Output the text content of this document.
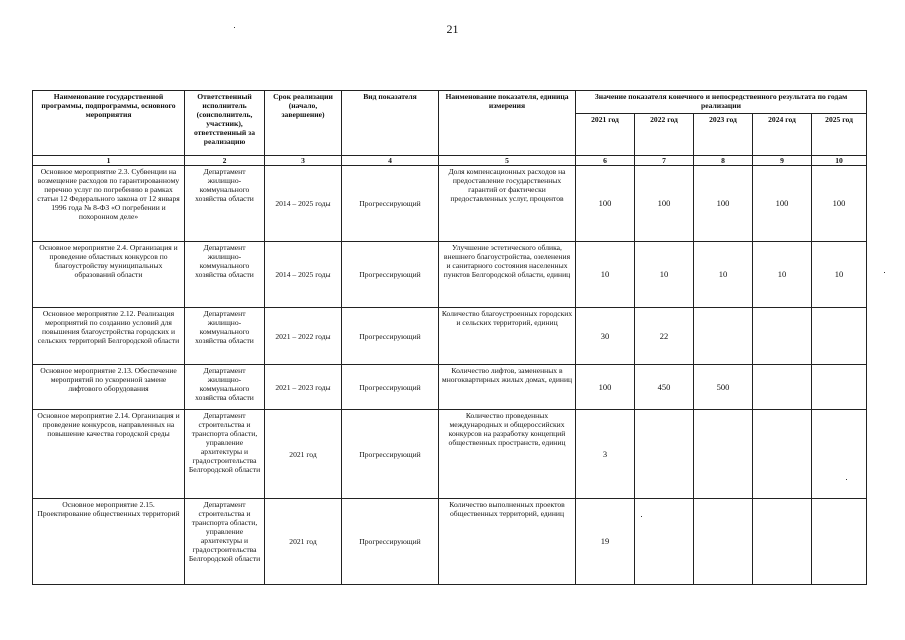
21
Наименование государственной программы, подпрограммы, основного мероприятия	Ответственный исполнитель (соисполнитель, участник), ответственный за реализацию	Срок реализации (начало, завершение)	Вид показателя	Наименование показателя, единица измерения	Значение показателя конечного и непосредственного результата по годам реализации				
					2021 год	2022 год	2023 год	2024 год	2025 год
1	2	3	4	5	6	7	8	9	10
Основное мероприятие 2.3. Субвенции на возмещение расходов по гарантированному перечню услуг по погребению в рамках статьи 12 Федерального закона от 12 января 1996 года № 8-ФЗ «О погребении и похоронном деле»	Департамент жилищно-коммунального хозяйства области	2014 – 2025 годы	Прогрессирующий	Доля компенсационных расходов на предоставление государственных гарантий от фактически предоставленных услуг, процентов	100	100	100	100	100
Основное мероприятие 2.4. Организация и проведение областных конкурсов по благоустройству муниципальных образований области	Департамент жилищно-коммунального хозяйства области	2014 – 2025 годы	Прогрессирующий	Улучшение эстетического облика, внешнего благоустройства, озеленения и санитарного состояния населенных пунктов Белгородской области, единиц	10	10	10	10	10
Основное мероприятие 2.12. Реализация мероприятий по созданию условий для повышения благоустройства городских и сельских территорий Белгородской области	Департамент жилищно-коммунального хозяйства области	2021 – 2022 годы	Прогрессирующий	Количество благоустроенных городских и сельских территорий, единиц	30	22			
Основное мероприятие 2.13. Обеспечение мероприятий по ускоренной замене лифтового оборудования	Департамент жилищно-коммунального хозяйства области	2021 – 2023 годы	Прогрессирующий	Количество лифтов, замененных в многоквартирных жилых домах, единиц	100	450	500		
Основное мероприятие 2.14. Организация и проведение конкурсов, направленных на повышение качества городской среды	Департамент строительства и транспорта области, управление архитектуры и градостроительства Белгородской области	2021 год	Прогрессирующий	Количество проведенных международных и общероссийских конкурсов на разработку концепций общественных пространств, единиц	3				
Основное мероприятие 2.15. Проектирование общественных территорий	Департамент строительства и транспорта области, управление архитектуры и градостроительства Белгородской области	2021 год	Прогрессирующий	Количество выполненных проектов общественных территорий, единиц	19				
